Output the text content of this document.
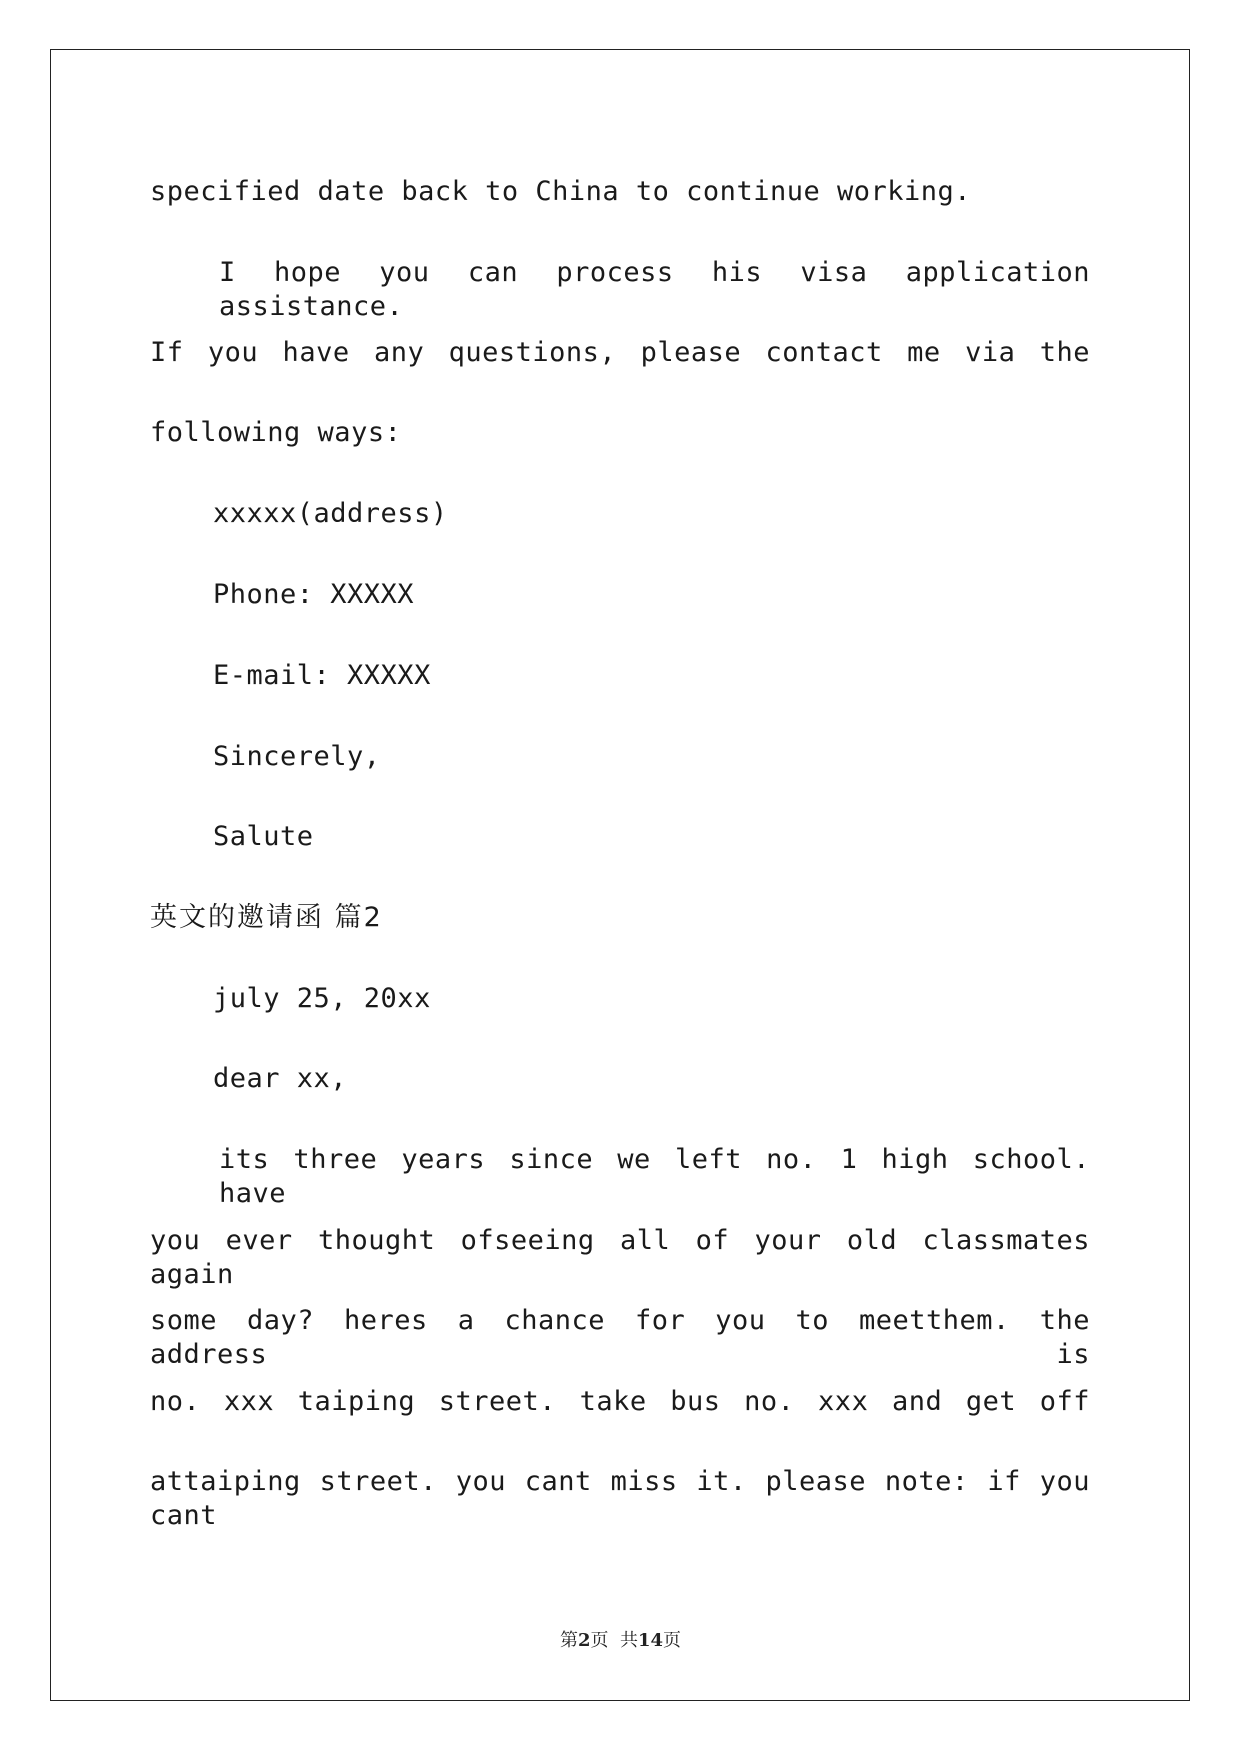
specified date back to China to continue working.
I hope you can process his visa application assistance.
If you have any questions, please contact me via the
following ways:
xxxxx(address)
Phone: XXXXX
E-mail: XXXXX
Sincerely,
Salute
英文的邀请函 篇2
july 25, 20xx
dear xx,
its three years since we left no. 1 high school. have
you ever thought ofseeing all of your old classmates again
some day? heres a chance for you to meetthem. the address is
no. xxx taiping street. take bus no. xxx and get off
attaiping street. you cant miss it. please note: if you cant
第2页  共14页
